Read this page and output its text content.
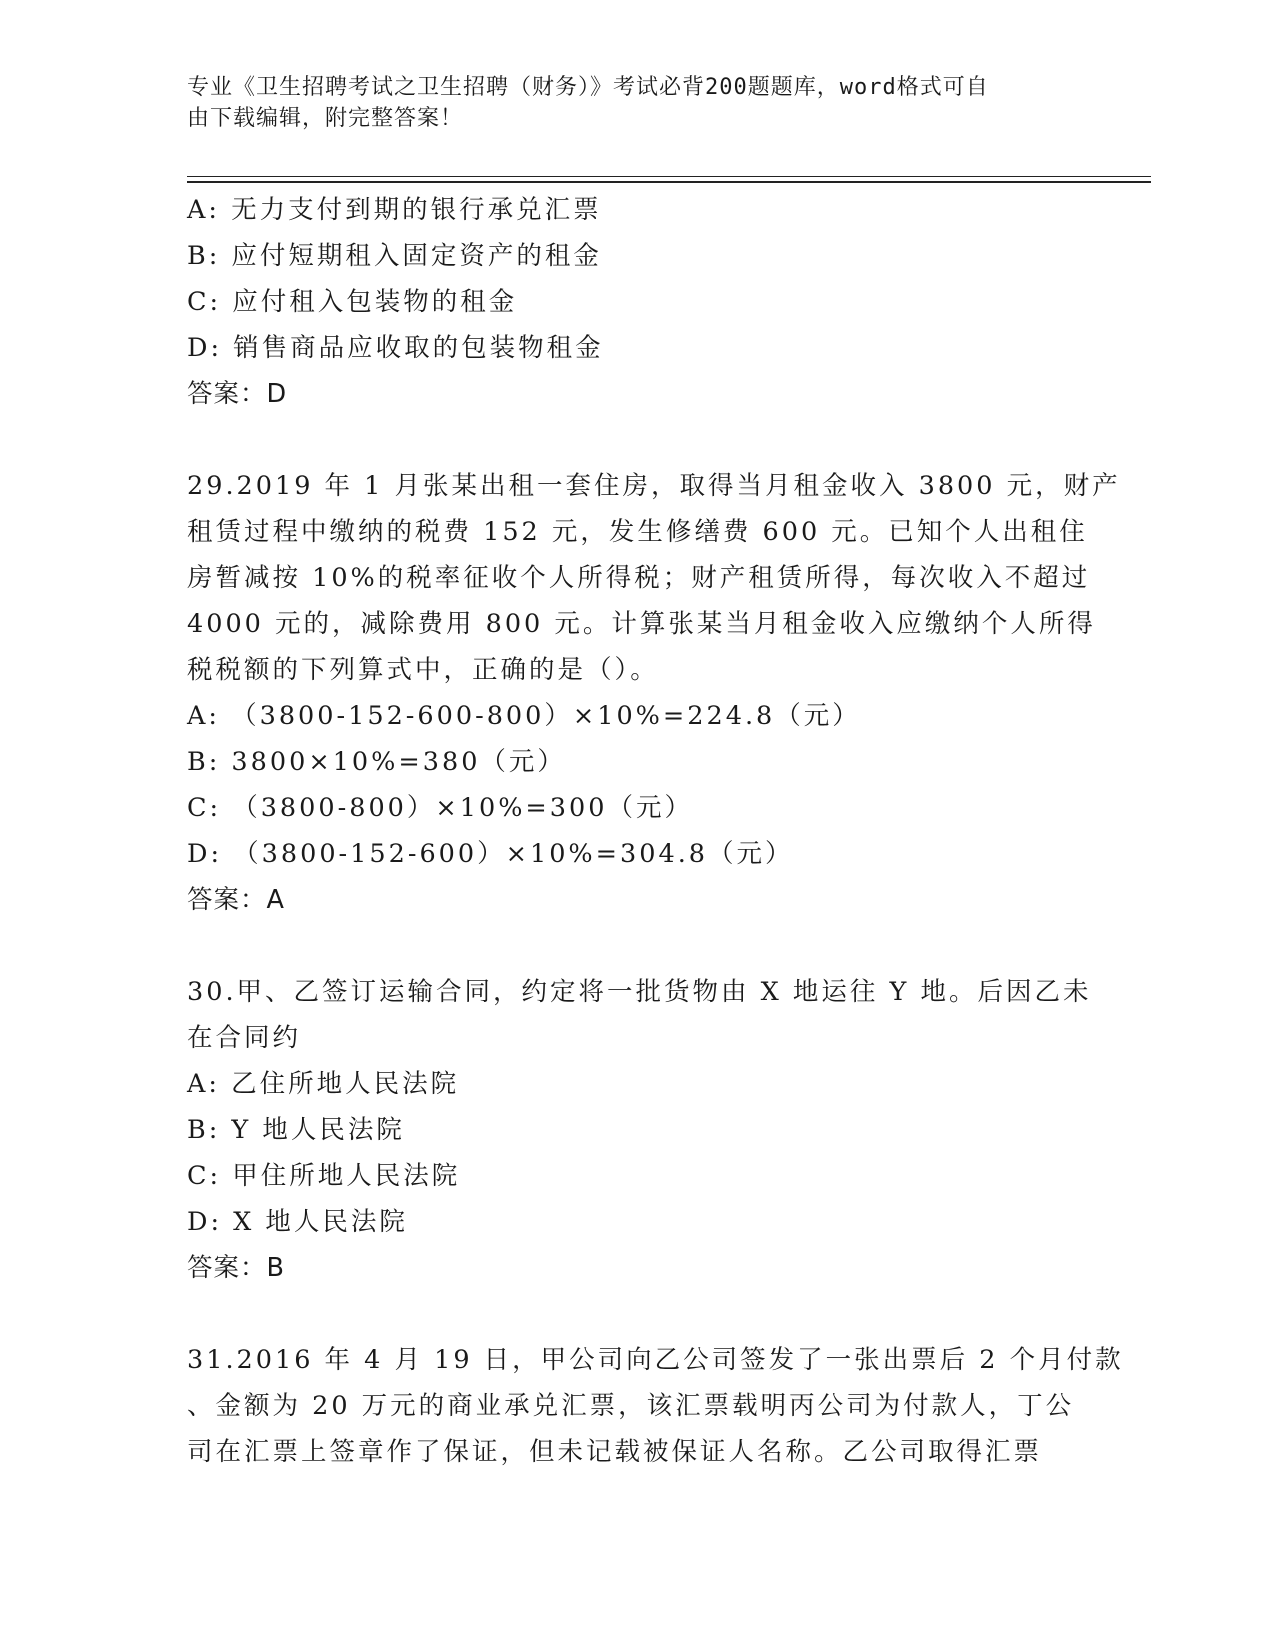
专业《卫生招聘考试之卫生招聘（财务）》考试必背200题题库，word格式可自
由下载编辑，附完整答案！
A: 无力支付到期的银行承兑汇票
B: 应付短期租入固定资产的租金
C: 应付租入包装物的租金
D: 销售商品应收取的包装物租金
答案：D
29.2019 年 1 月张某出租一套住房，取得当月租金收入 3800 元，财产
租赁过程中缴纳的税费 152 元，发生修缮费 600 元。已知个人出租住
房暂减按 10%的税率征收个人所得税；财产租赁所得，每次收入不超过
4000 元的，减除费用 800 元。计算张某当月租金收入应缴纳个人所得
税税额的下列算式中，正确的是（）。
A: （3800-152-600-800）×10%=224.8（元）
B: 3800×10%=380（元）
C: （3800-800）×10%=300（元）
D: （3800-152-600）×10%=304.8（元）
答案：A
30.甲、乙签订运输合同，约定将一批货物由 X 地运往 Y 地。后因乙未
在合同约
A: 乙住所地人民法院
B: Y 地人民法院
C: 甲住所地人民法院
D: X 地人民法院
答案：B
31.2016 年 4 月 19 日，甲公司向乙公司签发了一张出票后 2 个月付款
、金额为 20 万元的商业承兑汇票，该汇票载明丙公司为付款人，丁公
司在汇票上签章作了保证，但未记载被保证人名称。乙公司取得汇票
